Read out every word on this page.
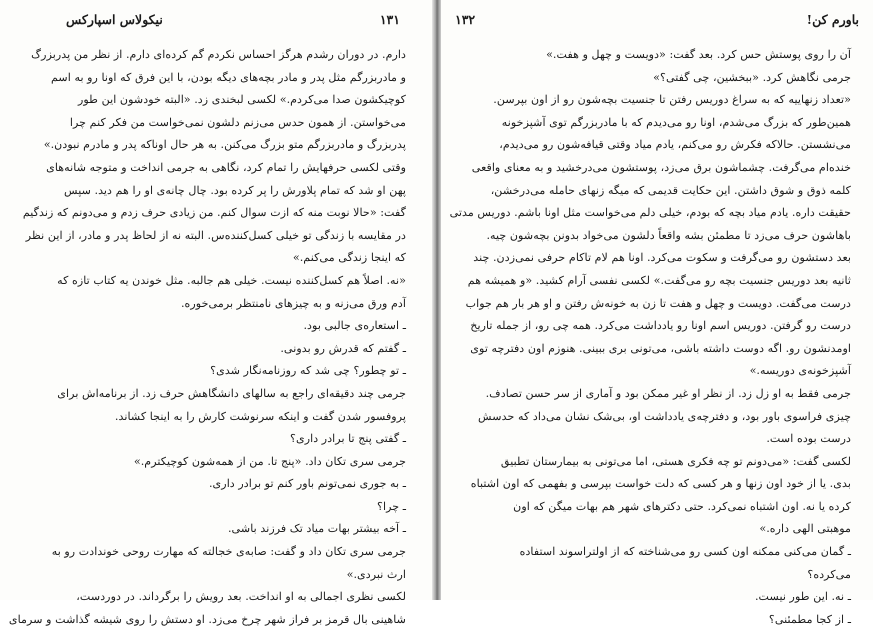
نیکولاس اسپارکس	۱۳۱
دارم. در دوران رشدم هرگز احساس نکردم گم کرده‌ای دارم. از نظر من پدربزرگ
و مادربزرگم مثل پدر و مادر بچه‌های دیگه بودن، با این فرق که اونا رو به اسم
کوچیکشون صدا می‌کردم.» لکسی لبخندی زد. «البته خودشون این طور
می‌خواستن. از همون حدس می‌زنم دلشون نمی‌خواست من فکر کنم چرا
پدربزرگ و مادربزرگم متو بزرگ می‌کنن. به هر حال اوناکه پدر و مادرم نبودن.»
وقتی لکسی حرفهایش را تمام کرد، نگاهی به جرمی انداخت و متوجه شانه‌های
پهن او شد که تمام پلاورش را پر کرده بود. چال چانه‌ی او را هم دید. سپس
گفت: «حالا نوبت منه که ازت سوال کنم. من زیادی حرف زدم و می‌دونم که زندگیم
در مقایسه با زندگی تو خیلی کسل‌کننده‌س. البته نه از لحاظ پدر و مادر، از این نظر
که اینجا زندگی می‌کنم.»
«نه. اصلاً هم کسل‌کننده نیست. خیلی هم جالبه. مثل خوندن یه کتاب تازه که
آدم ورق می‌زنه و به چیزهای نامنتظر برمی‌خوره.
ـ استعاره‌ی جالبی بود.
ـ گفتم که قدرش رو بدونی.
ـ تو چطور؟ چی شد که روزنامه‌نگار شدی؟
جرمی چند دقیقه‌ای راجع به سالهای دانشگاهش حرف زد. از برنامه‌اش برای
پروفسور شدن گفت و اینکه سرنوشت کارش را به اینجا کشاند.
ـ گفتی پنج تا برادر داری؟
جرمی سری تکان داد. «پنج تا. من از همه‌شون کوچیکترم.»
ـ به جوری نمی‌تونم باور کنم تو برادر داری.
ـ چرا؟
ـ آخه بیشتر بهات میاد تک فرزند باشی.
جرمی سری تکان داد و گفت: صابه‌ی خجالته که مهارت روحی خوندادت رو به
ارث نبردی.»
لکسی نظری اجمالی به او انداخت. بعد رویش را برگرداند. در دوردست،
شاهینی بال قرمز بر فراز شهر چرخ می‌زد. او دستش را روی شیشه گذاشت و سرمای
باورم کن!
۱۳۲
آن را روی پوستش حس کرد. بعد گفت: «دویست و چهل و هفت.»
جرمی نگاهش کرد. «ببخشین، چی گفتی؟»
«تعداد زنهاییه که به سراغ دوریس رفتن تا جنسیت بچه‌شون رو از اون بپرسن.
همین‌طور که بزرگ می‌شدم، اونا رو می‌دیدم که با مادربزرگم توی آشپزخونه
می‌نشستن. حالاکه فکرش رو می‌کنم، یادم میاد وقتی قیافه‌شون رو می‌دیدم،
خنده‌ام می‌گرفت. چشماشون برق می‌زد، پوستشون می‌درخشید و به معنای واقعی
کلمه ذوق و شوق داشتن. این حکایت قدیمی که میگه زنهای حامله می‌درخشن،
حقیقت داره. یادم میاد بچه که بودم، خیلی دلم می‌خواست مثل اونا باشم. دوریس مدتی
باهاشون حرف می‌زد تا مطمئن بشه واقعاً دلشون می‌خواد بدونن بچه‌شون چیه.
بعد دستشون رو می‌گرفت و سکوت می‌کرد. اونا هم لام تاکام حرفی نمی‌زدن. چند
ثانیه بعد دوریس جنسیت بچه رو می‌گفت.» لکسی نفسی آرام کشید. «و همیشه هم
درست می‌گفت. دویست و چهل و هفت تا زن به خونه‌ش رفتن و او هر بار هم جواب
درست رو گرفتن. دوریس اسم اونا رو یادداشت می‌کرد. همه چی رو، از جمله تاریخ
اومدنشون رو. اگه دوست داشته باشی، می‌تونی بری ببینی. هنوزم اون دفترچه توی
آشپزخونه‌ی دوریسه.»
جرمی فقط به او زل زد. از نظر او غیر ممکن بود و آماری از سر حسن تصادف.
چیزی فراسوی باور بود، و دفترچه‌ی یادداشت او، بی‌شک نشان می‌داد که حدسش
درست بوده است.
لکسی گفت: «می‌دونم تو چه فکری هستی، اما می‌تونی به بیمارستان تطبیق
بدی. یا از خود اون زنها و هر کسی که دلت خواست بپرسی و بفهمی که اون اشتباه
کرده یا نه. اون اشتباه نمی‌کرد. حتی دکترهای شهر هم بهات میگن که اون
موهبتی الهی داره.»
ـ گمان می‌کنی ممکنه اون کسی رو می‌شناخته که از اولتراسوند استفاده
می‌کرده؟
ـ نه. این طور نیست.
ـ از کجا مطمئنی؟
